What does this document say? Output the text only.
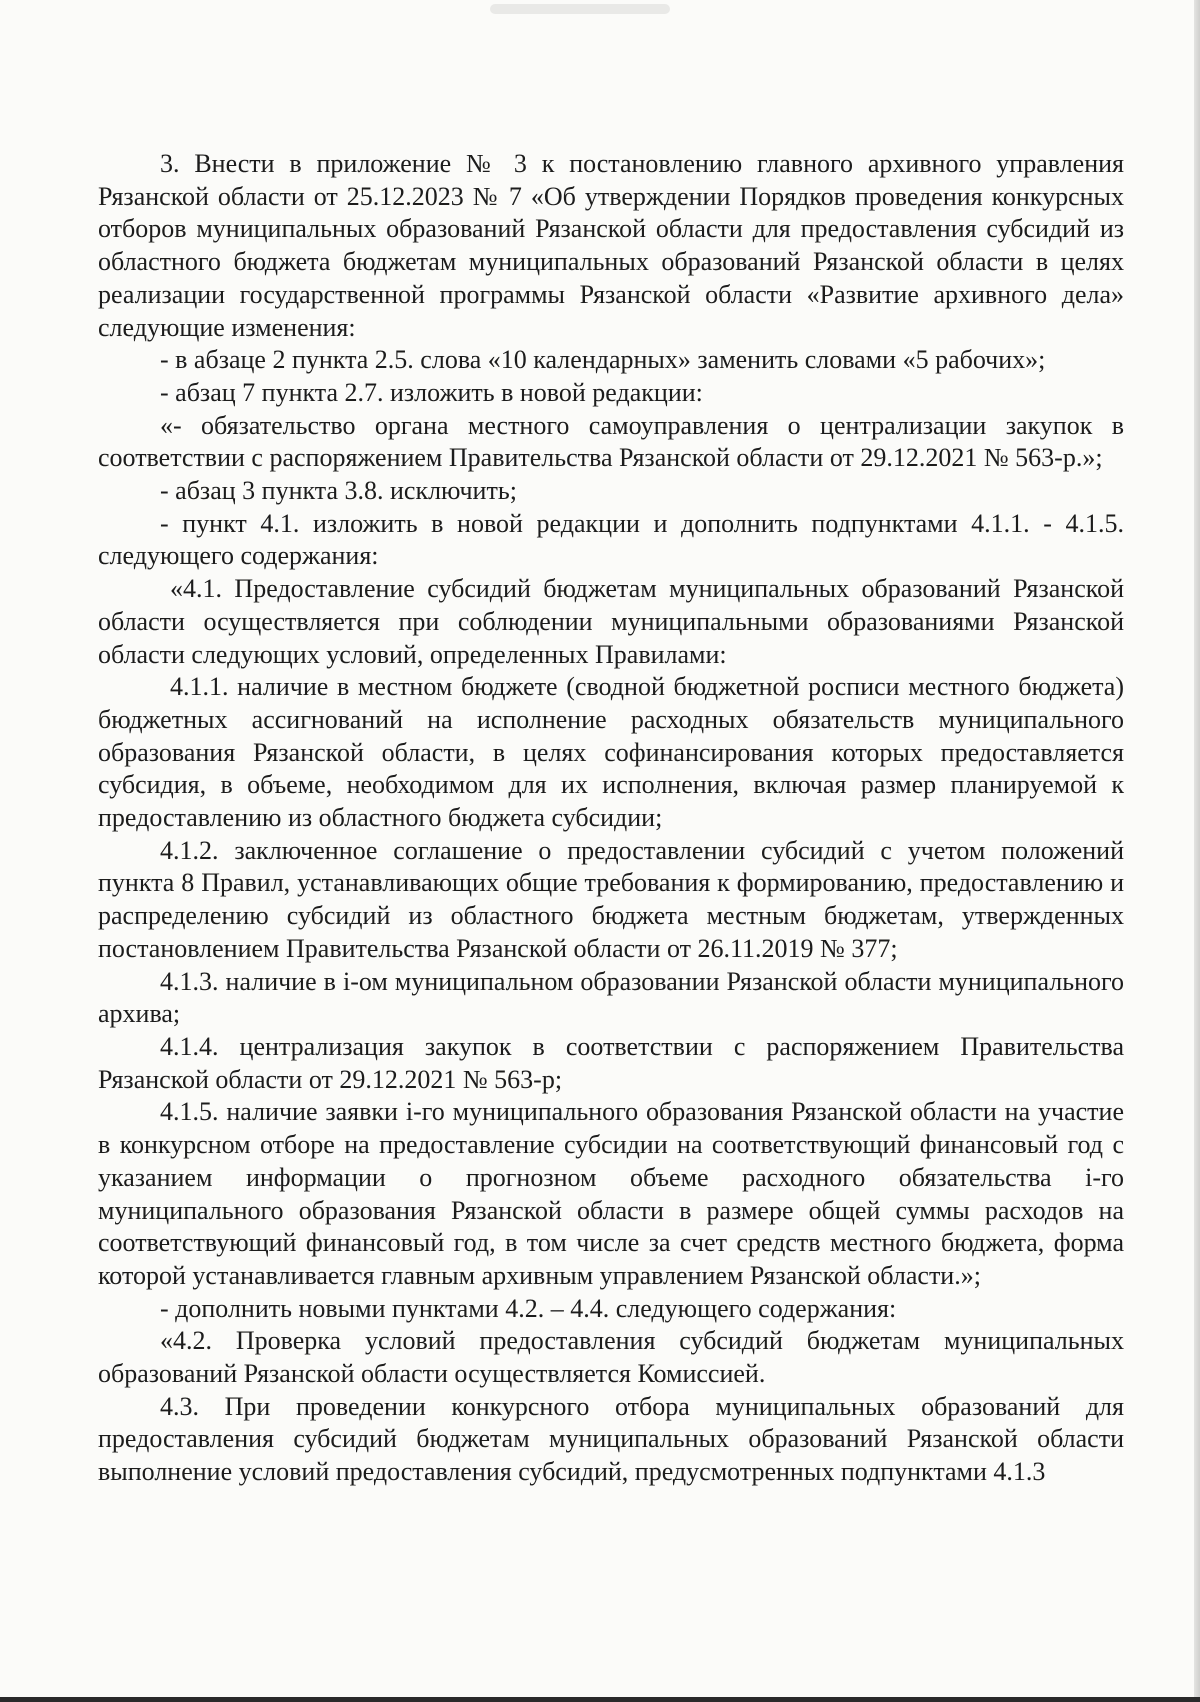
3. Внести в приложение № 3 к постановлению главного архивного управления Рязанской области от 25.12.2023 № 7 «Об утверждении Порядков проведения конкурсных отборов муниципальных образований Рязанской области для предоставления субсидий из областного бюджета бюджетам муниципальных образований Рязанской области в целях реализации государственной программы Рязанской области «Развитие архивного дела» следующие изменения:

- в абзаце 2 пункта 2.5. слова «10 календарных» заменить словами «5 рабочих»;

- абзац 7 пункта 2.7. изложить в новой редакции:

«- обязательство органа местного самоуправления о централизации закупок в соответствии с распоряжением Правительства Рязанской области от 29.12.2021 № 563-р.»;

- абзац 3 пункта 3.8. исключить;

- пункт 4.1. изложить в новой редакции и дополнить подпунктами 4.1.1. - 4.1.5. следующего содержания:

«4.1. Предоставление субсидий бюджетам муниципальных образований Рязанской области осуществляется при соблюдении муниципальными образованиями Рязанской области следующих условий, определенных Правилами:

4.1.1. наличие в местном бюджете (сводной бюджетной росписи местного бюджета) бюджетных ассигнований на исполнение расходных обязательств муниципального образования Рязанской области, в целях софинансирования которых предоставляется субсидия, в объеме, необходимом для их исполнения, включая размер планируемой к предоставлению из областного бюджета субсидии;

4.1.2. заключенное соглашение о предоставлении субсидий с учетом положений пункта 8 Правил, устанавливающих общие требования к формированию, предоставлению и распределению субсидий из областного бюджета местным бюджетам, утвержденных постановлением Правительства Рязанской области от 26.11.2019 № 377;

4.1.3. наличие в i-ом муниципальном образовании Рязанской области муниципального архива;

4.1.4. централизация закупок в соответствии с распоряжением Правительства Рязанской области от 29.12.2021 № 563-р;

4.1.5. наличие заявки i-го муниципального образования Рязанской области на участие в конкурсном отборе на предоставление субсидии на соответствующий финансовый год с указанием информации о прогнозном объеме расходного обязательства i-го муниципального образования Рязанской области в размере общей суммы расходов на соответствующий финансовый год, в том числе за счет средств местного бюджета, форма которой устанавливается главным архивным управлением Рязанской области.»;

- дополнить новыми пунктами 4.2. – 4.4. следующего содержания:

«4.2. Проверка условий предоставления субсидий бюджетам муниципальных образований Рязанской области осуществляется Комиссией.

4.3. При проведении конкурсного отбора муниципальных образований для предоставления субсидий бюджетам муниципальных образований Рязанской области выполнение условий предоставления субсидий, предусмотренных подпунктами 4.1.3
